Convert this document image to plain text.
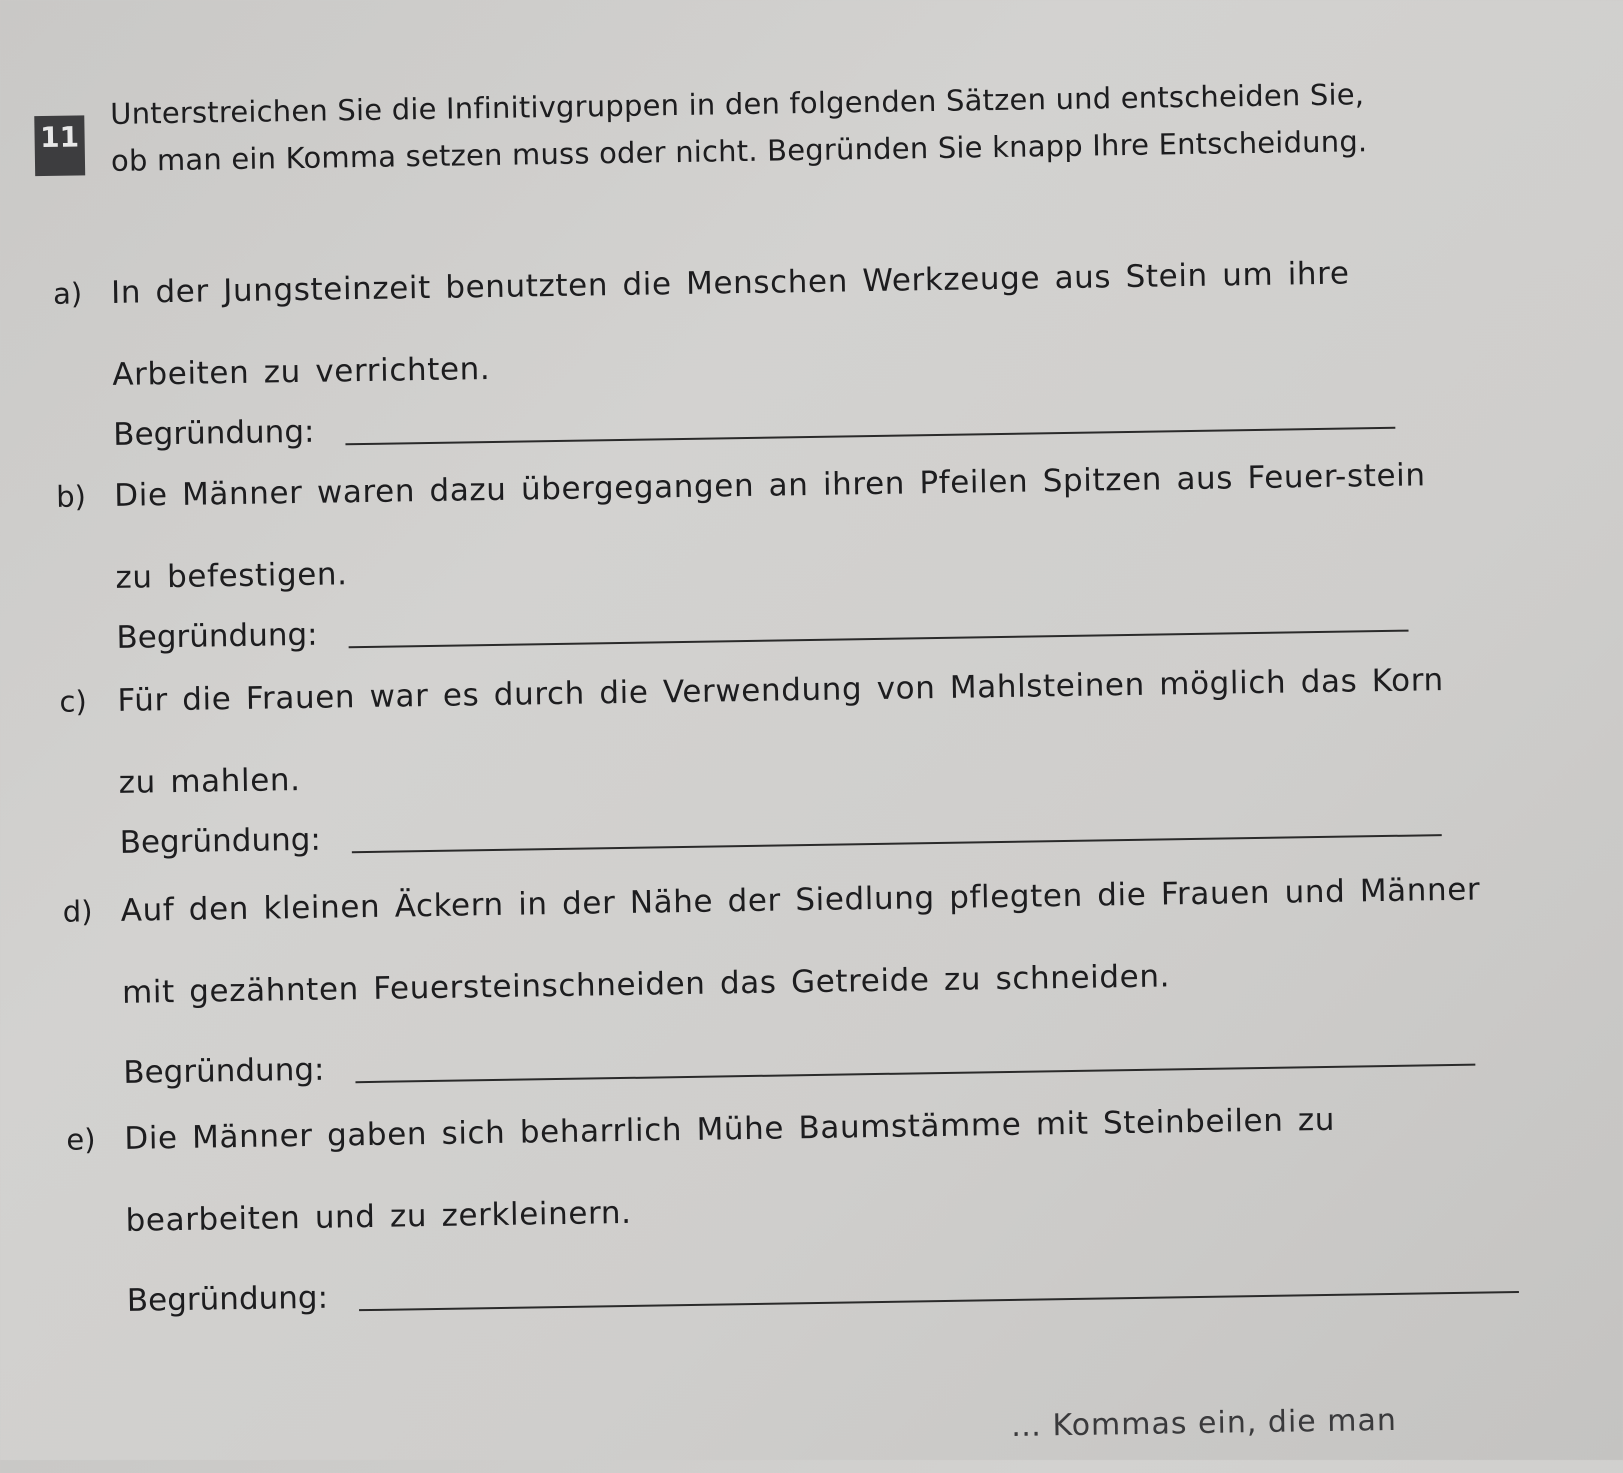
11
Unterstreichen Sie die Infinitivgruppen in den folgenden Sätzen und entscheiden Sie, ob man ein Komma setzen muss oder nicht. Begründen Sie knapp Ihre Entscheidung.
a) In der Jungsteinzeit benutzten die Menschen Werkzeuge aus Stein um ihre Arbeiten zu verrichten.
Begründung:
b) Die Männer waren dazu übergegangen an ihren Pfeilen Spitzen aus Feuer-stein zu befestigen.
Begründung:
c) Für die Frauen war es durch die Verwendung von Mahlsteinen möglich das Korn zu mahlen.
Begründung:
d) Auf den kleinen Äckern in der Nähe der Siedlung pflegten die Frauen und Männer mit gezähnten Feuersteinschneiden das Getreide zu schneiden.
Begründung:
e) Die Männer gaben sich beharrlich Mühe Baumstämme mit Steinbeilen zu bearbeiten und zu zerkleinern.
Begründung:
… Kommas ein, die man
